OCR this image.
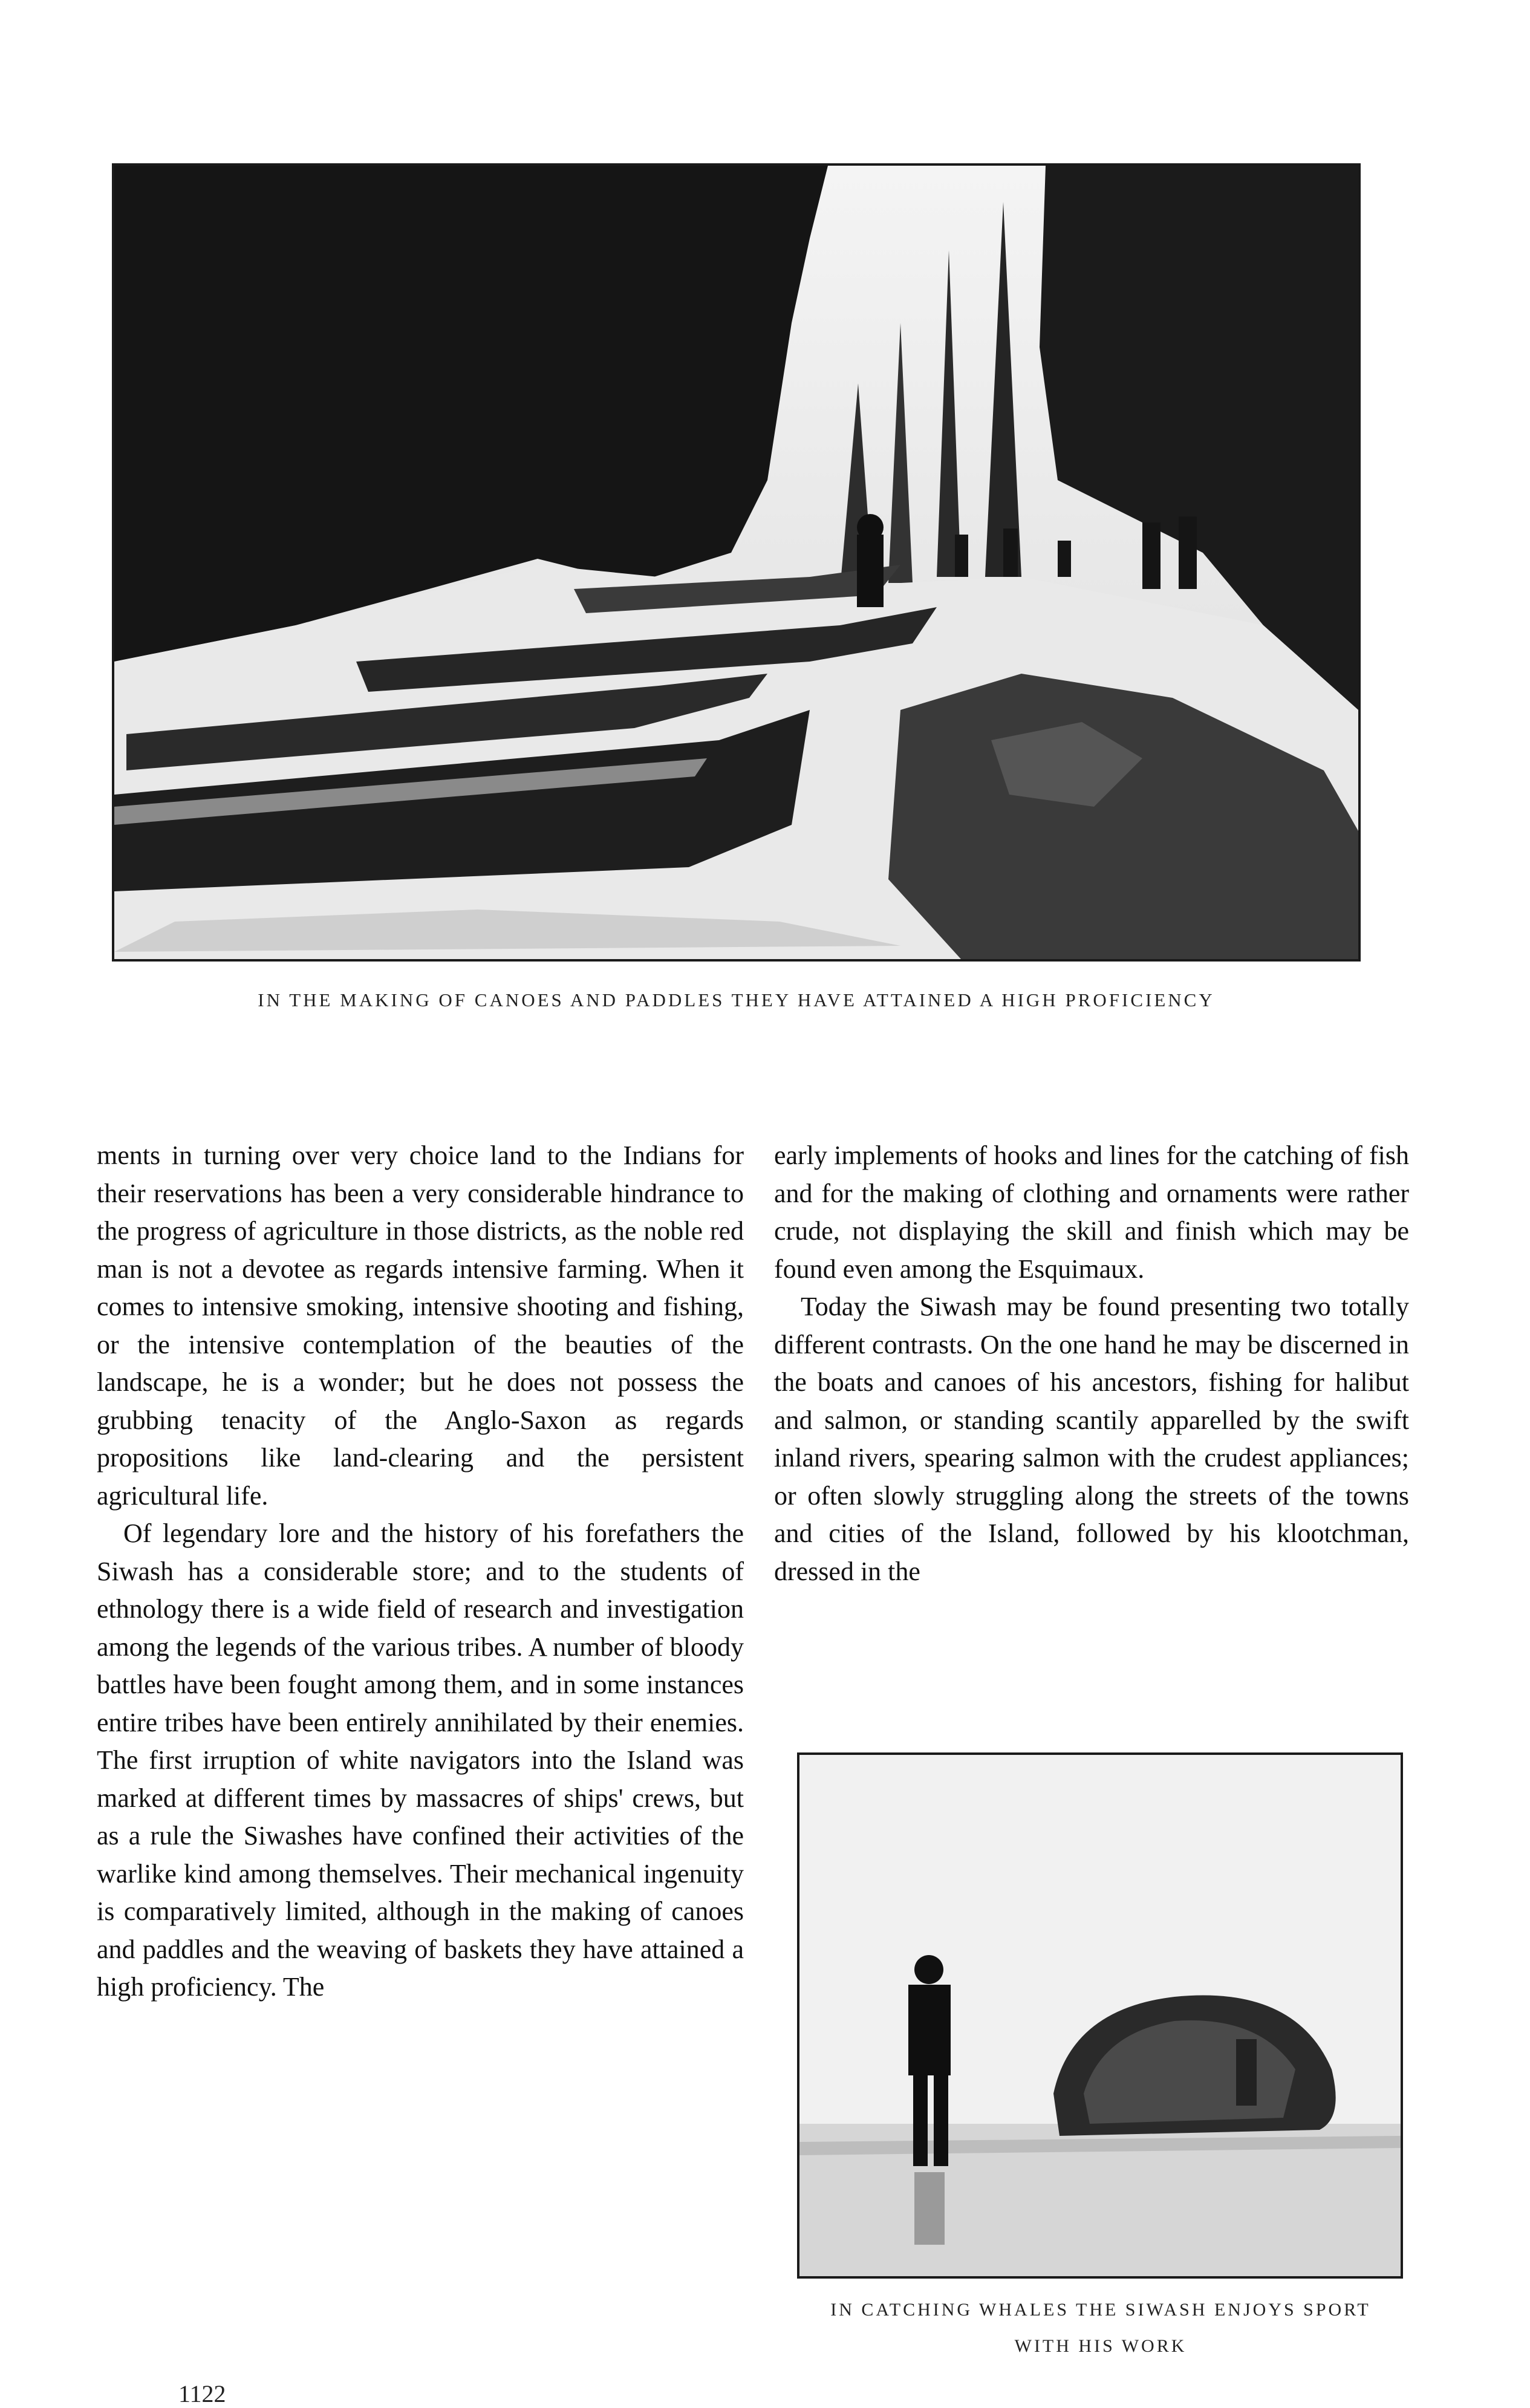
IN THE MAKING OF CANOES AND PADDLES THEY HAVE ATTAINED A HIGH PROFICIENCY

ments in turning over very choice land to the Indians for their reservations has been a very considerable hindrance to the progress of agriculture in those districts, as the noble red man is not a devotee as regards intensive farming. When it comes to intensive smoking, intensive shooting and fishing, or the intensive contemplation of the beauties of the landscape, he is a wonder; but he does not possess the grubbing tenacity of the Anglo-Saxon as regards propositions like land-clearing and the persistent agricultural life.

Of legendary lore and the history of his forefathers the Siwash has a considerable store; and to the students of ethnology there is a wide field of research and investigation among the legends of the various tribes. A number of bloody battles have been fought among them, and in some instances entire tribes have been entirely annihilated by their enemies. The first irruption of white navigators into the Island was marked at different times by massacres of ships' crews, but as a rule the Siwashes have confined their activities of the warlike kind among themselves. Their mechanical ingenuity is comparatively limited, although in the making of canoes and paddles and the weaving of baskets they have attained a high proficiency. The

early implements of hooks and lines for the catching of fish and for the making of clothing and ornaments were rather crude, not displaying the skill and finish which may be found even among the Esquimaux.

Today the Siwash may be found presenting two totally different contrasts. On the one hand he may be discerned in the boats and canoes of his ancestors, fishing for halibut and salmon, or standing scantily apparelled by the swift inland rivers, spearing salmon with the crudest appliances; or often slowly struggling along the streets of the towns and cities of the Island, followed by his klootchman, dressed in the

IN CATCHING WHALES THE SIWASH ENJOYS SPORT
WITH HIS WORK
1122
